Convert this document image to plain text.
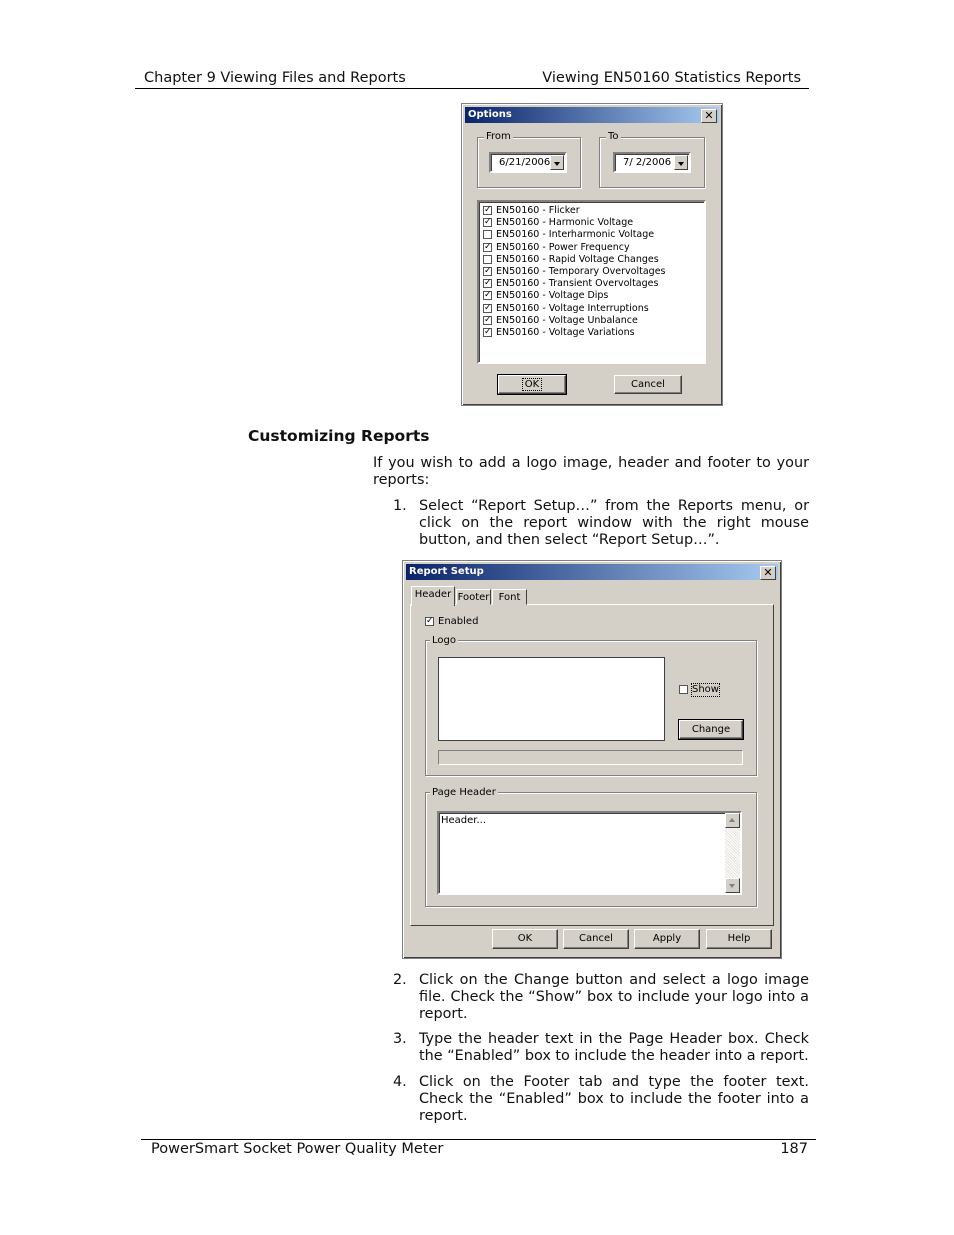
Chapter 9 Viewing Files and Reports	Viewing EN50160 Statistics Reports
Options	✕
From
6/21/2006
To
7/ 2/2006
✓
EN50160 - Flicker
✓
EN50160 - Harmonic Voltage
EN50160 - Interharmonic Voltage
✓
EN50160 - Power Frequency
EN50160 - Rapid Voltage Changes
✓
EN50160 - Temporary Overvoltages
✓
EN50160 - Transient Overvoltages
✓
EN50160 - Voltage Dips
✓
EN50160 - Voltage Interruptions
✓
EN50160 - Voltage Unbalance
✓
EN50160 - Voltage Variations
OK	Cancel
Customizing Reports
If you wish to add a logo image, header and footer to your reports:
1. Select “Report Setup…” from the Reports menu, or click on the report window with the right mouse button, and then select “Report Setup…”.
Report Setup	✕
Header Footer Font
✓
Enabled
Logo
Show
Change
Page Header
Header...
OK	Cancel	Apply	Help
2. Click on the Change button and select a logo image file. Check the “Show” box to include your logo into a report.
3. Type the header text in the Page Header box. Check the “Enabled” box to include the header into a report.
4. Click on the Footer tab and type the footer text. Check the “Enabled” box to include the footer into a report.
PowerSmart Socket Power Quality Meter	187
